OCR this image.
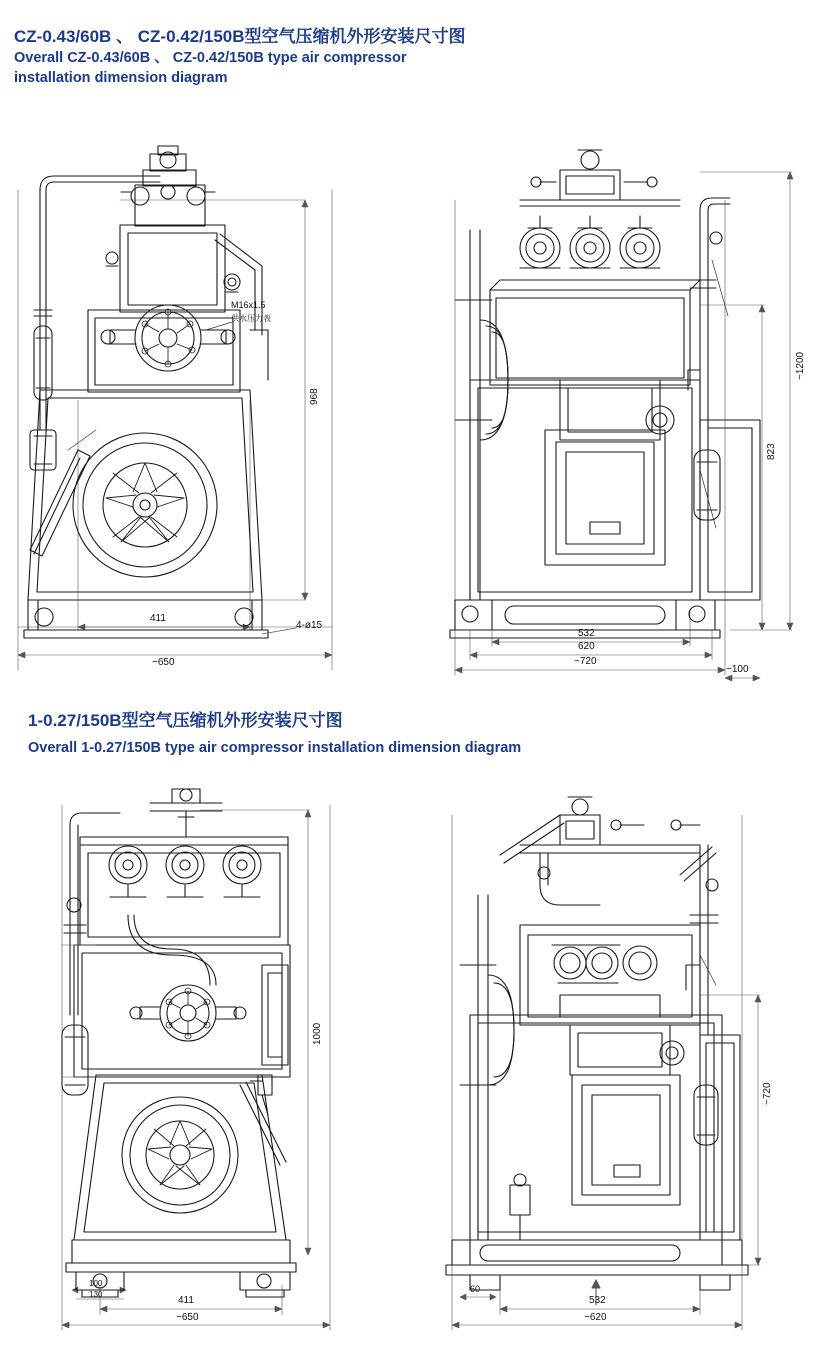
CZ-0.43/60B 、 CZ-0.42/150B型空气压缩机外形安装尺寸图
Overall CZ-0.43/60B 、 CZ-0.42/150B type air compressor
installation dimension diagram
968
411
~650
4-ø15
M16x1.5
供水压力表
~1200
823
532
620
~720
~100
1-0.27/150B型空气压缩机外形安装尺寸图
Overall 1-0.27/150B type air compressor installation dimension diagram
1000
411
~650
100
130
~720
532
~620
60
